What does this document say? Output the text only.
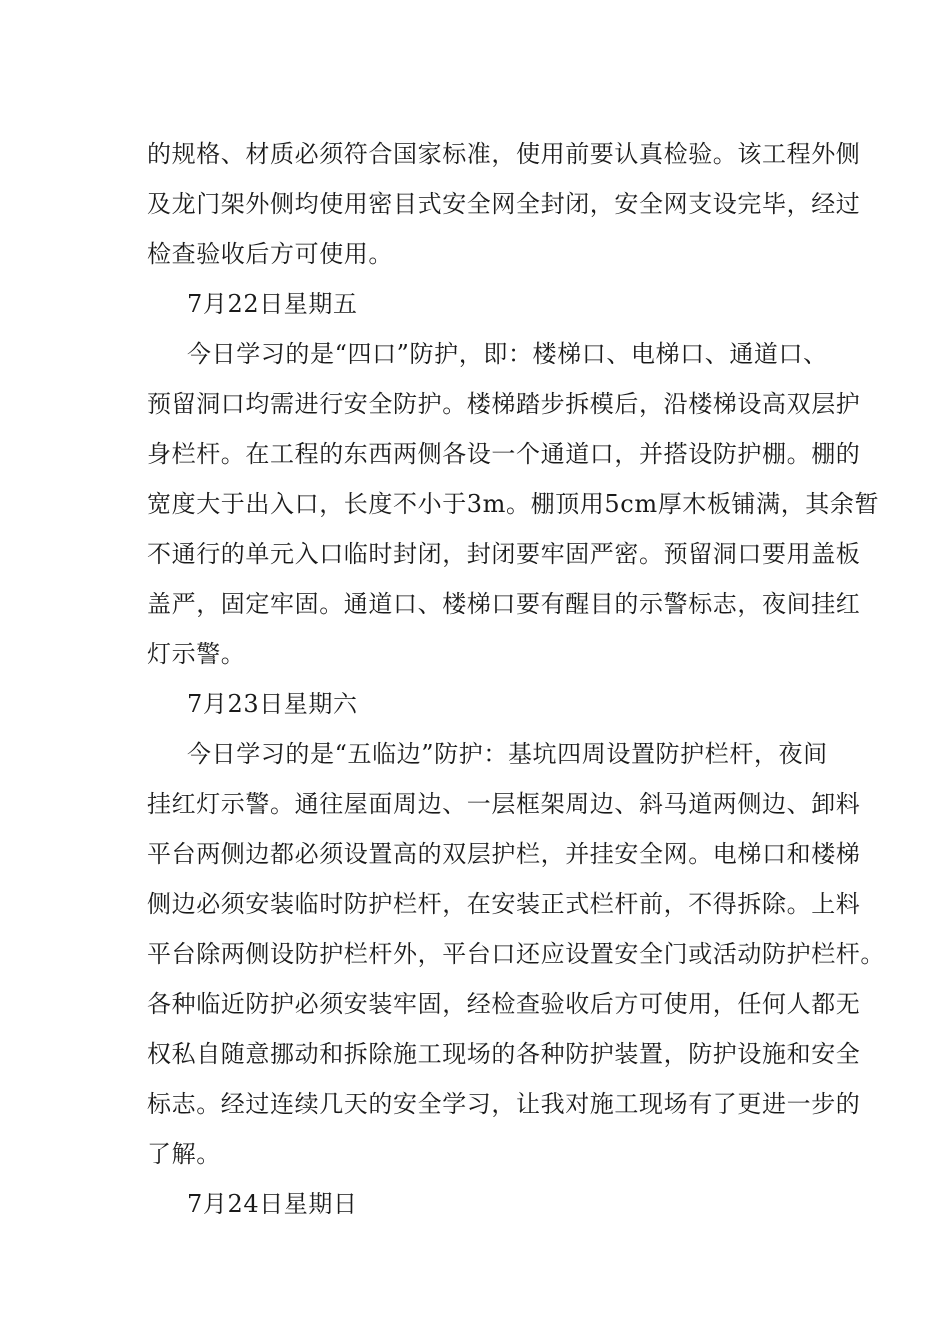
的规格、材质必须符合国家标准，使用前要认真检验。该工程外侧
及龙门架外侧均使用密目式安全网全封闭，安全网支设完毕，经过
检查验收后方可使用。
7月22日星期五
今日学习的是“四口”防护，即：楼梯口、电梯口、通道口、
预留洞口均需进行安全防护。楼梯踏步拆模后，沿楼梯设高双层护
身栏杆。在工程的东西两侧各设一个通道口，并搭设防护棚。棚的
宽度大于出入口，长度不小于3m。棚顶用5cm厚木板铺满，其余暂
不通行的单元入口临时封闭，封闭要牢固严密。预留洞口要用盖板
盖严，固定牢固。通道口、楼梯口要有醒目的示警标志，夜间挂红
灯示警。
7月23日星期六
今日学习的是“五临边”防护：基坑四周设置防护栏杆，夜间
挂红灯示警。通往屋面周边、一层框架周边、斜马道两侧边、卸料
平台两侧边都必须设置高的双层护栏，并挂安全网。电梯口和楼梯
侧边必须安装临时防护栏杆，在安装正式栏杆前，不得拆除。上料
平台除两侧设防护栏杆外，平台口还应设置安全门或活动防护栏杆。
各种临近防护必须安装牢固，经检查验收后方可使用，任何人都无
权私自随意挪动和拆除施工现场的各种防护装置，防护设施和安全
标志。经过连续几天的安全学习，让我对施工现场有了更进一步的
了解。
7月24日星期日
